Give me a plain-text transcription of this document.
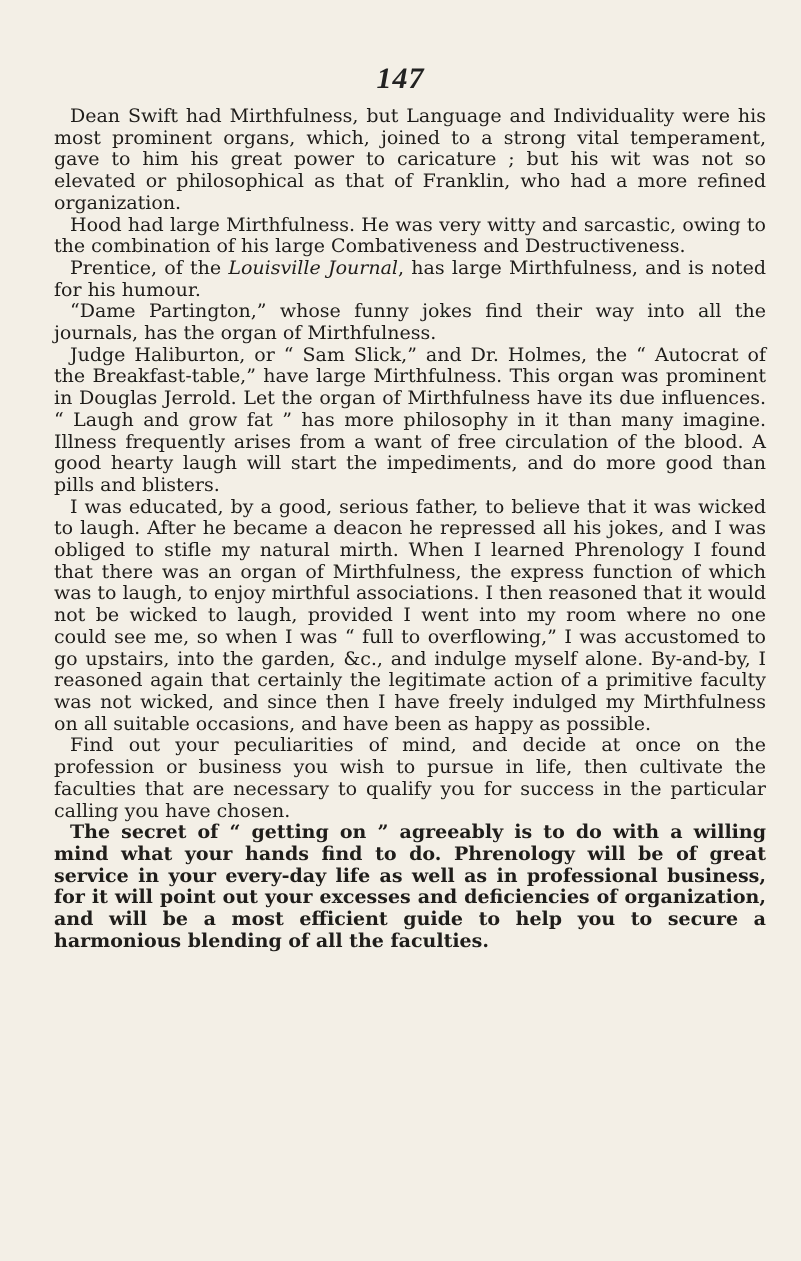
147

Dean Swift had Mirthfulness, but Language and Individuality were his most prominent organs, which, joined to a strong vital temperament, gave to him his great power to caricature ; but his wit was not so elevated or philosophical as that of Franklin, who had a more refined organization.

Hood had large Mirthfulness. He was very witty and sarcastic, owing to the combination of his large Combativeness and Destructiveness.

Prentice, of the Louisville Journal, has large Mirthfulness, and is noted for his humour.

“Dame Partington,” whose funny jokes find their way into all the journals, has the organ of Mirthfulness.

Judge Haliburton, or “ Sam Slick,” and Dr. Holmes, the “ Autocrat of the Breakfast-table,” have large Mirthfulness. This organ was prominent in Douglas Jerrold. Let the organ of Mirthfulness have its due influences. “ Laugh and grow fat ” has more philosophy in it than many imagine. Illness frequently arises from a want of free circulation of the blood. A good hearty laugh will start the impediments, and do more good than pills and blisters.

I was educated, by a good, serious father, to believe that it was wicked to laugh. After he became a deacon he repressed all his jokes, and I was obliged to stifle my natural mirth. When I learned Phrenology I found that there was an organ of Mirthfulness, the express function of which was to laugh, to enjoy mirthful associations. I then reasoned that it would not be wicked to laugh, provided I went into my room where no one could see me, so when I was “ full to overflowing,” I was accustomed to go upstairs, into the garden, &c., and indulge myself alone. By-and-by, I reasoned again that certainly the legitimate action of a primitive faculty was not wicked, and since then I have freely indulged my Mirthfulness on all suitable occasions, and have been as happy as possible.

Find out your peculiarities of mind, and decide at once on the profession or business you wish to pursue in life, then cultivate the faculties that are necessary to qualify you for success in the particular calling you have chosen.

The secret of “ getting on ” agreeably is to do with a willing mind what your hands find to do. Phrenology will be of great service in your every-day life as well as in professional business, for it will point out your excesses and deficiencies of organization, and will be a most efficient guide to help you to secure a harmonious blending of all the faculties.
